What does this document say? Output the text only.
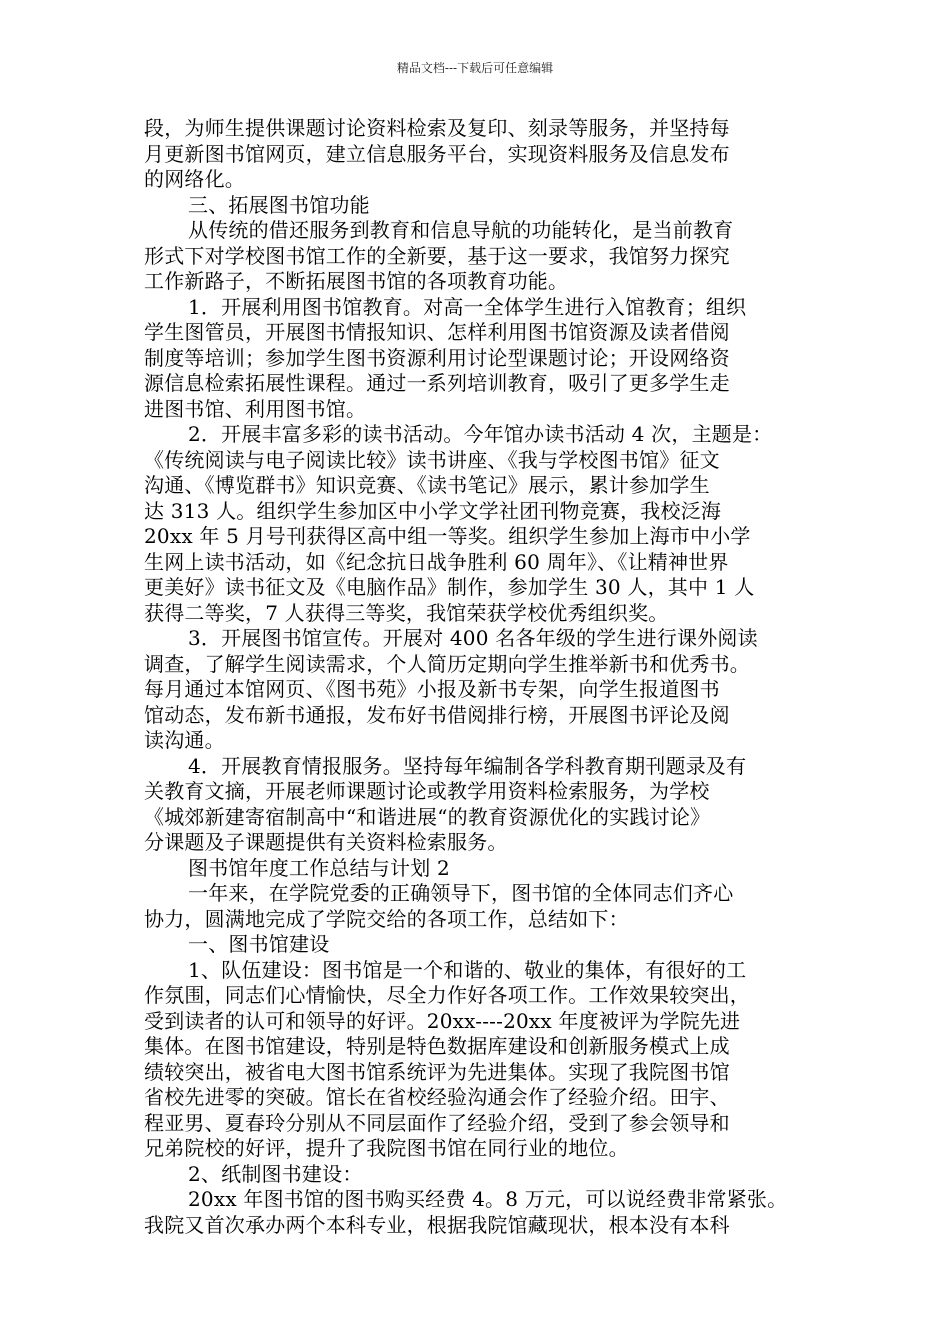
精品文档---下载后可任意编辑
段，为师生提供课题讨论资料检索及复印、刻录等服务，并坚持每
月更新图书馆网页，建立信息服务平台，实现资料服务及信息发布
的网络化。
三、拓展图书馆功能
从传统的借还服务到教育和信息导航的功能转化，是当前教育
形式下对学校图书馆工作的全新要，基于这一要求，我馆努力探究
工作新路子，不断拓展图书馆的各项教育功能。
1．开展利用图书馆教育。对高一全体学生进行入馆教育；组织
学生图管员，开展图书情报知识、怎样利用图书馆资源及读者借阅
制度等培训；参加学生图书资源利用讨论型课题讨论；开设网络资
源信息检索拓展性课程。通过一系列培训教育，吸引了更多学生走
进图书馆、利用图书馆。
2．开展丰富多彩的读书活动。今年馆办读书活动 4 次，主题是：
《传统阅读与电子阅读比较》读书讲座、《我与学校图书馆》征文
沟通、《博览群书》知识竞赛、《读书笔记》展示，累计参加学生
达 313 人。组织学生参加区中小学文学社团刊物竞赛，我校泛海
20xx 年 5 月号刊获得区高中组一等奖。组织学生参加上海市中小学
生网上读书活动，如《纪念抗日战争胜利 60 周年》、《让精神世界
更美好》读书征文及《电脑作品》制作，参加学生 30 人，其中 1 人
获得二等奖，7 人获得三等奖，我馆荣获学校优秀组织奖。
3．开展图书馆宣传。开展对 400 名各年级的学生进行课外阅读
调查，了解学生阅读需求，个人简历定期向学生推举新书和优秀书。
每月通过本馆网页、《图书苑》小报及新书专架，向学生报道图书
馆动态，发布新书通报，发布好书借阅排行榜，开展图书评论及阅
读沟通。
4．开展教育情报服务。坚持每年编制各学科教育期刊题录及有
关教育文摘，开展老师课题讨论或教学用资料检索服务，为学校
《城郊新建寄宿制高中“和谐进展“的教育资源优化的实践讨论》
分课题及子课题提供有关资料检索服务。
图书馆年度工作总结与计划 2
一年来，在学院党委的正确领导下，图书馆的全体同志们齐心
协力，圆满地完成了学院交给的各项工作，总结如下：
一、图书馆建设
1、队伍建设：图书馆是一个和谐的、敬业的集体，有很好的工
作氛围，同志们心情愉快，尽全力作好各项工作。工作效果较突出，
受到读者的认可和领导的好评。20xx----20xx 年度被评为学院先进
集体。在图书馆建设，特别是特色数据库建设和创新服务模式上成
绩较突出，被省电大图书馆系统评为先进集体。实现了我院图书馆
省校先进零的突破。馆长在省校经验沟通会作了经验介绍。田宇、
程亚男、夏春玲分别从不同层面作了经验介绍，受到了参会领导和
兄弟院校的好评，提升了我院图书馆在同行业的地位。
2、纸制图书建设：
20xx 年图书馆的图书购买经费 4。8 万元，可以说经费非常紧张。
我院又首次承办两个本科专业，根据我院馆藏现状，根本没有本科
